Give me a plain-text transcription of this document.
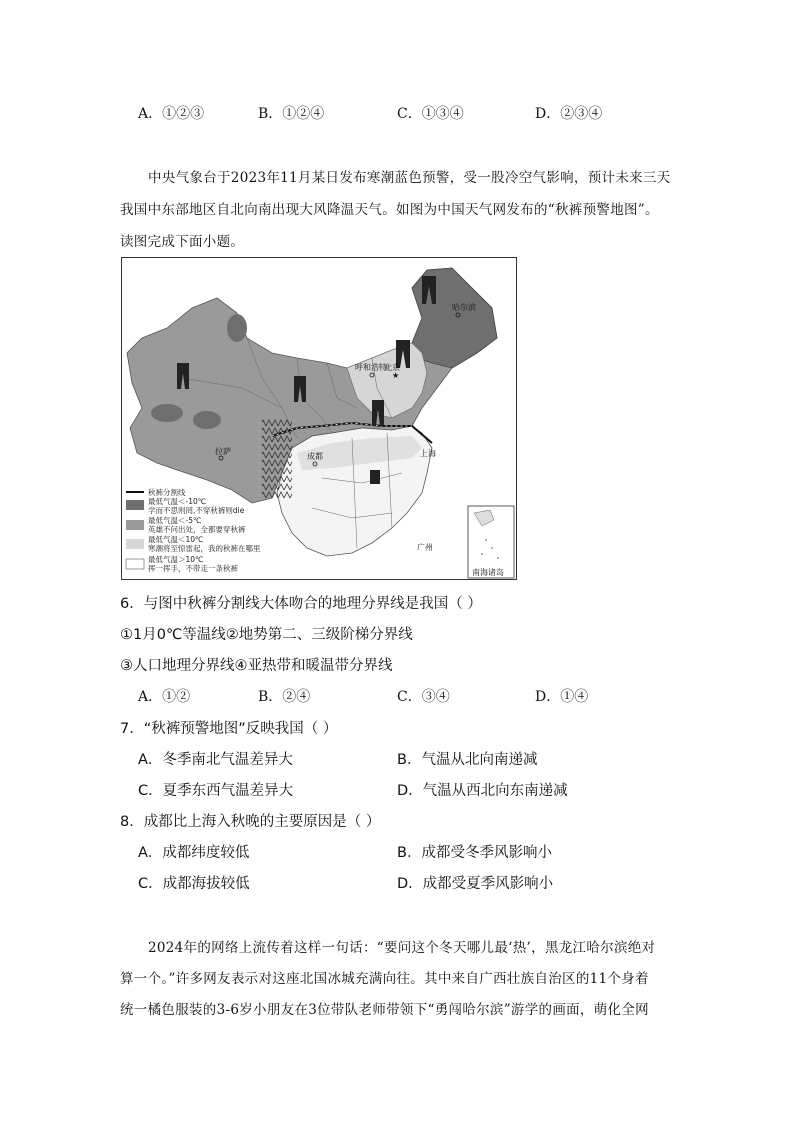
A．①②③	B．①②④	C．①③④	D．②③④
中央气象台于2023年11月某日发布寒潮蓝色预警，受一股冷空气影响，预计未来三天
我国中东部地区自北向南出现大风降温天气。如图为中国天气网发布的“秋裤预警地图”。
读图完成下面小题。
哈尔滨
呼和浩特
★
北京
拉萨
成都	上海
广州
南海诸岛
秋裤分割线
最低气温＜-10℃
学而不思则罔,不穿秋裤则die
最低气温＜-5℃
英雄不问出处，全都要穿秋裤
最低气温＜10℃
寒潮将至惊雷起，我的秋裤在哪里
最低气温＞10℃
挥一挥手，不带走一条秋裤
6．与图中秋裤分割线大体吻合的地理分界线是我国（ ）
①1月0℃等温线②地势第二、三级阶梯分界线
③人口地理分界线④亚热带和暖温带分界线
A．①②	B．②④	C．③④	D．①④
7．“秋裤预警地图”反映我国（ ）
A．冬季南北气温差异大	B．气温从北向南递减
C．夏季东西气温差异大	D．气温从西北向东南递减
8．成都比上海入秋晚的主要原因是（ ）
A．成都纬度较低	B．成都受冬季风影响小
C．成都海拔较低	D．成都受夏季风影响小
2024年的网络上流传着这样一句话：“要问这个冬天哪儿最‘热’，黑龙江哈尔滨绝对
算一个。”许多网友表示对这座北国冰城充满向往。其中来自广西壮族自治区的11个身着
统一橘色服装的3-6岁小朋友在3位带队老师带领下“勇闯哈尔滨”游学的画面，萌化全网
